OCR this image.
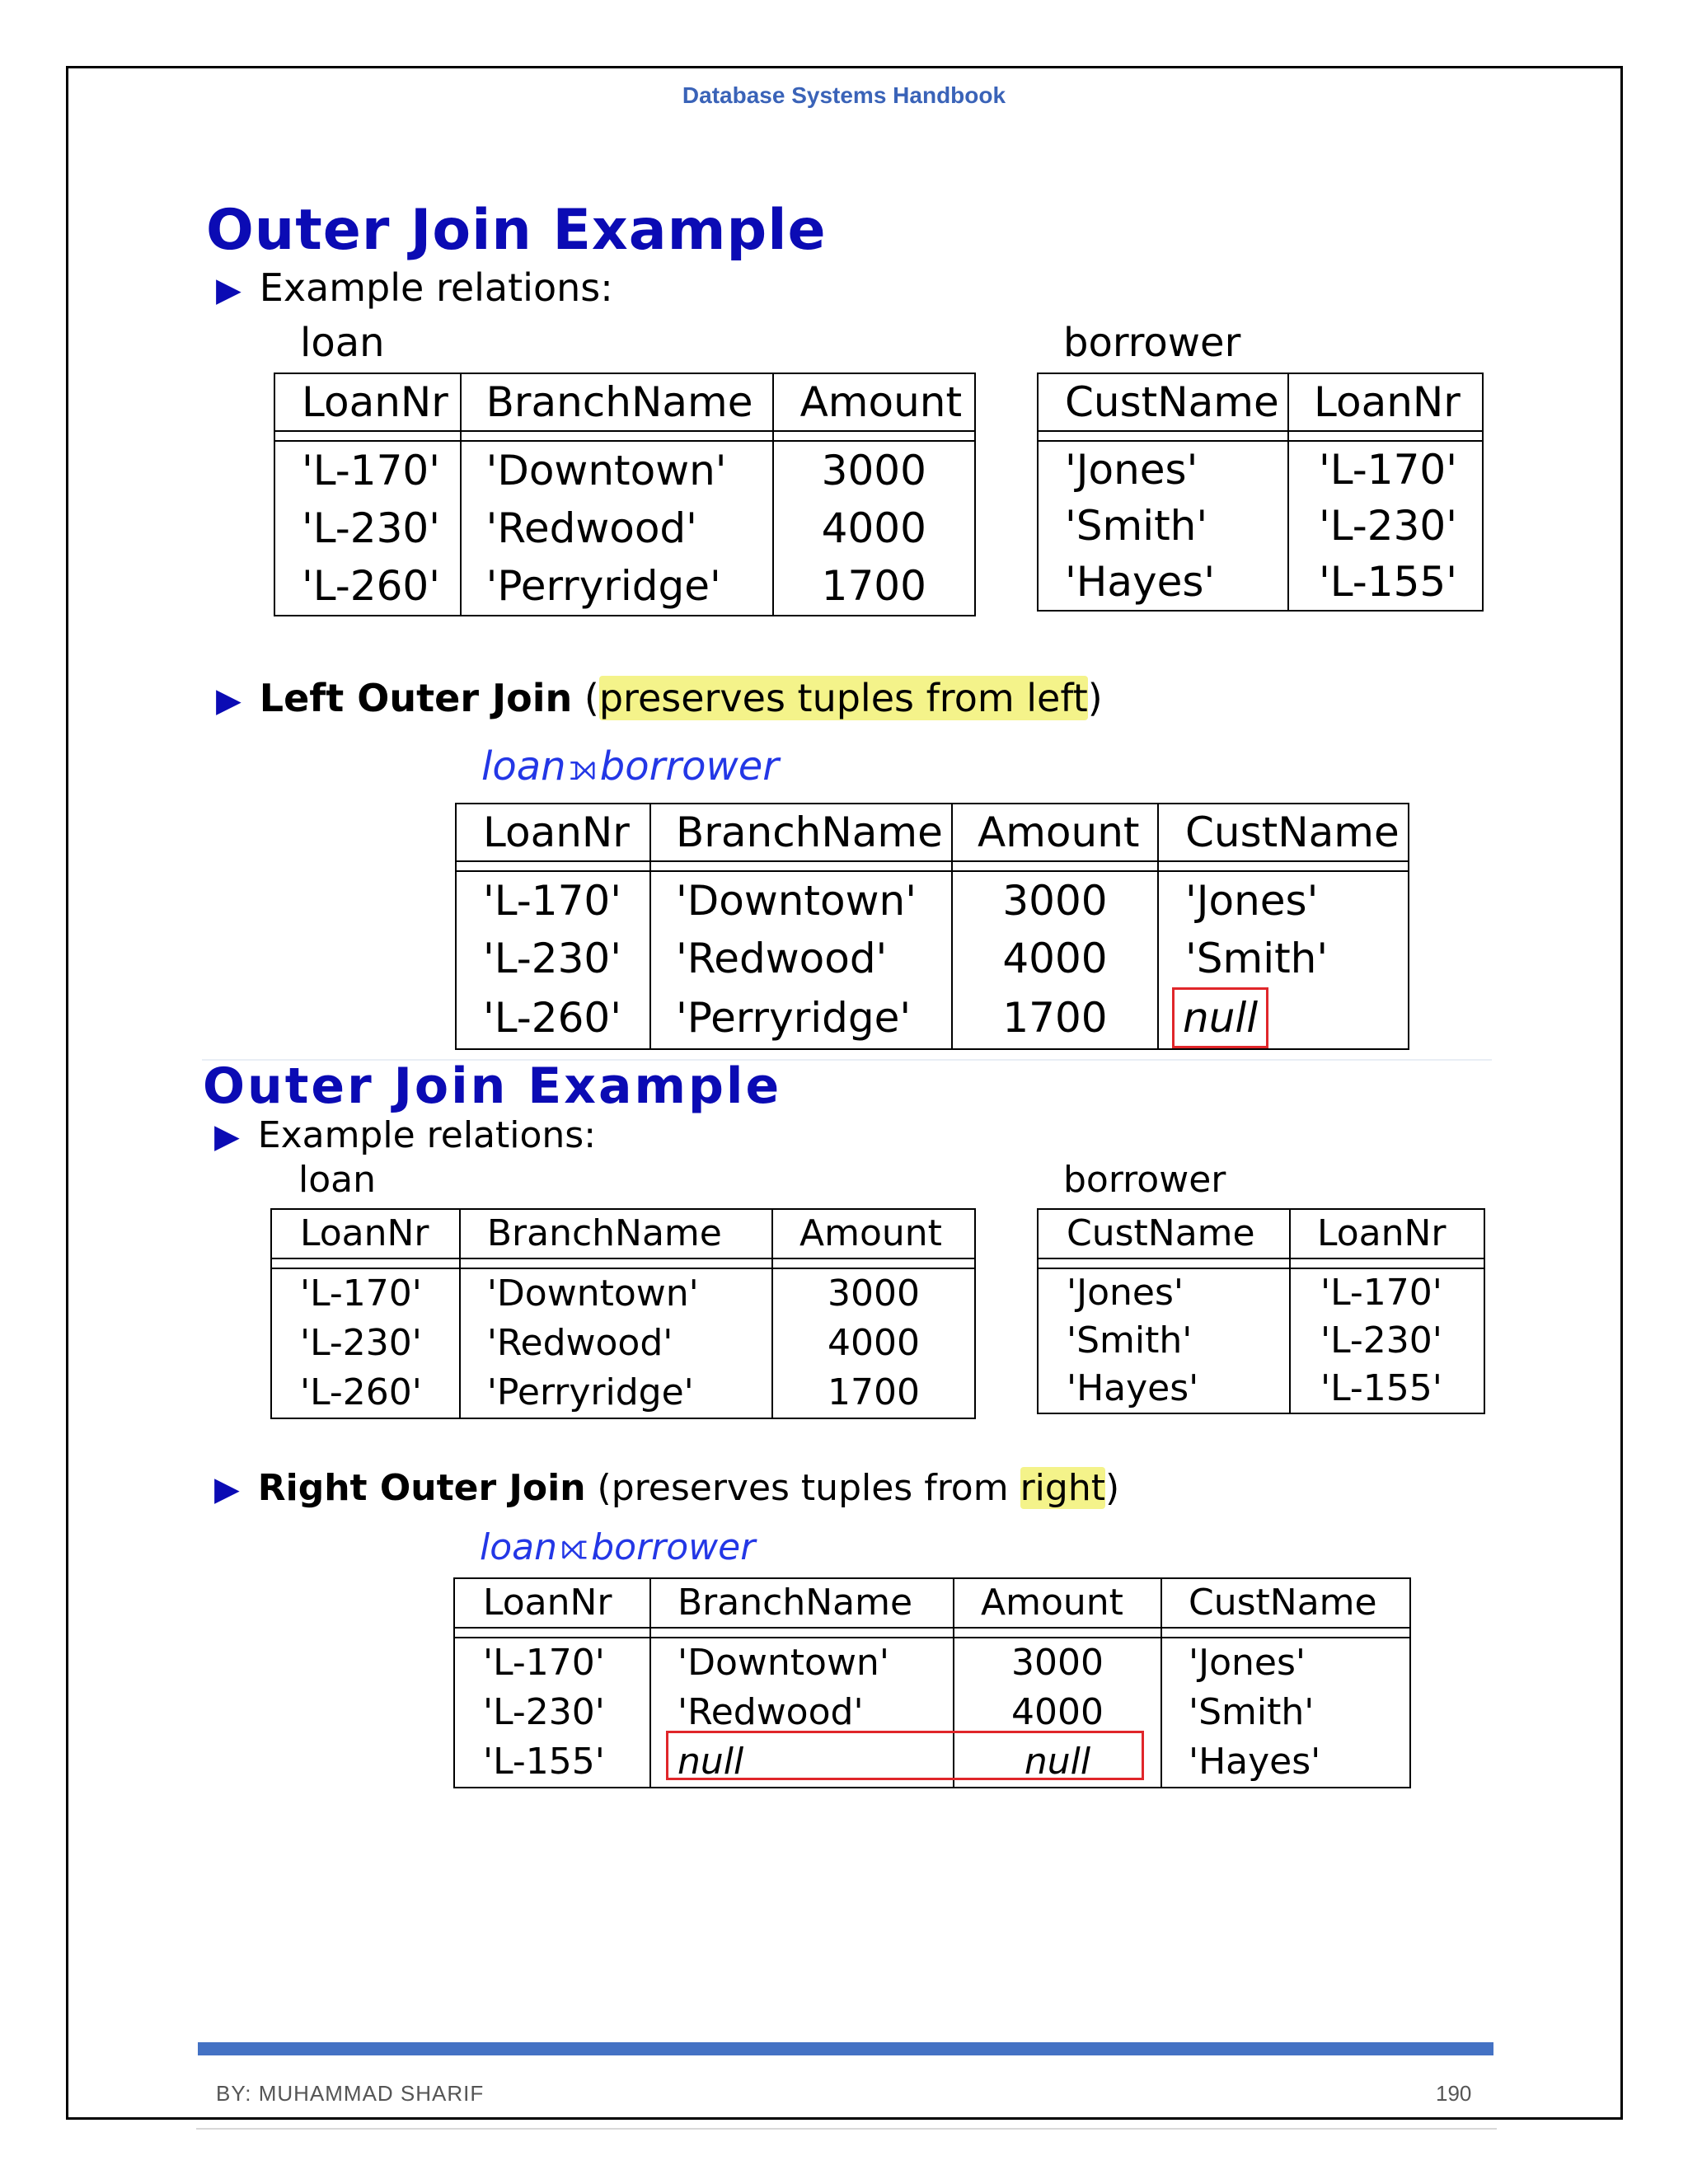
Database Systems Handbook
Outer Join Example
▶ Example relations:
loan	borrower
LoanNr	BranchName	Amount

'L-170'	'Downtown'	3000
'L-230'	'Redwood'	4000
'L-260'	'Perryridge'	1700
CustName	LoanNr

'Jones'	'L-170'
'Smith'	'L-230'
'Hayes'	'L-155'
▶ Left Outer Join (preserves tuples from left)
loan⟕borrower
LoanNr	BranchName	Amount	CustName

'L-170'	'Downtown'	3000	'Jones'
'L-230'	'Redwood'	4000	'Smith'
'L-260'	'Perryridge'	1700	null
Outer Join Example
▶ Example relations:
loan	borrower
LoanNr	BranchName	Amount

'L-170'	'Downtown'	3000
'L-230'	'Redwood'	4000
'L-260'	'Perryridge'	1700
CustName	LoanNr

'Jones'	'L-170'
'Smith'	'L-230'
'Hayes'	'L-155'
▶ Right Outer Join (preserves tuples from right)
loan⟖borrower
LoanNr	BranchName	Amount	CustName

'L-170'	'Downtown'	3000	'Jones'
'L-230'	'Redwood'	4000	'Smith'
'L-155'	null	null	'Hayes'
BY: MUHAMMAD SHARIF	190
